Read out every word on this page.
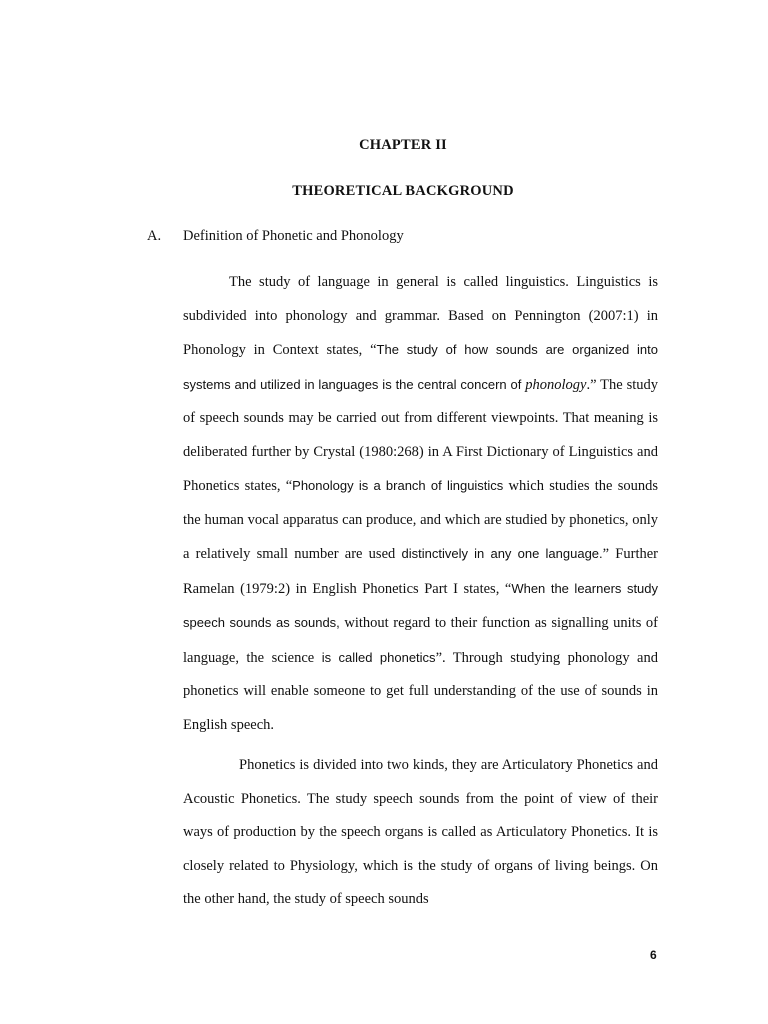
CHAPTER II
THEORETICAL BACKGROUND
A. Definition of Phonetic and Phonology

The study of language in general is called linguistics. Linguistics is subdivided into phonology and grammar. Based on Pennington (2007:1) in Phonology in Context states, “The study of how sounds are organized into systems and utilized in languages is the central concern of phonology.” The study of speech sounds may be carried out from different viewpoints. That meaning is deliberated further by Crystal (1980:268) in A First Dictionary of Linguistics and Phonetics states, “Phonology is a branch of linguistics which studies the sounds the human vocal apparatus can produce, and which are studied by phonetics, only a relatively small number are used distinctively in any one language.” Further Ramelan (1979:2) in English Phonetics Part I states, “When the learners study speech sounds as sounds, without regard to their function as signalling units of language, the science is called phonetics”. Through studying phonology and phonetics will enable someone to get full understanding of the use of sounds in English speech.

Phonetics is divided into two kinds, they are Articulatory Phonetics and Acoustic Phonetics. The study speech sounds from the point of view of their ways of production by the speech organs is called as Articulatory Phonetics. It is closely related to Physiology, which is the study of organs of living beings. On the other hand, the study of speech sounds

6
